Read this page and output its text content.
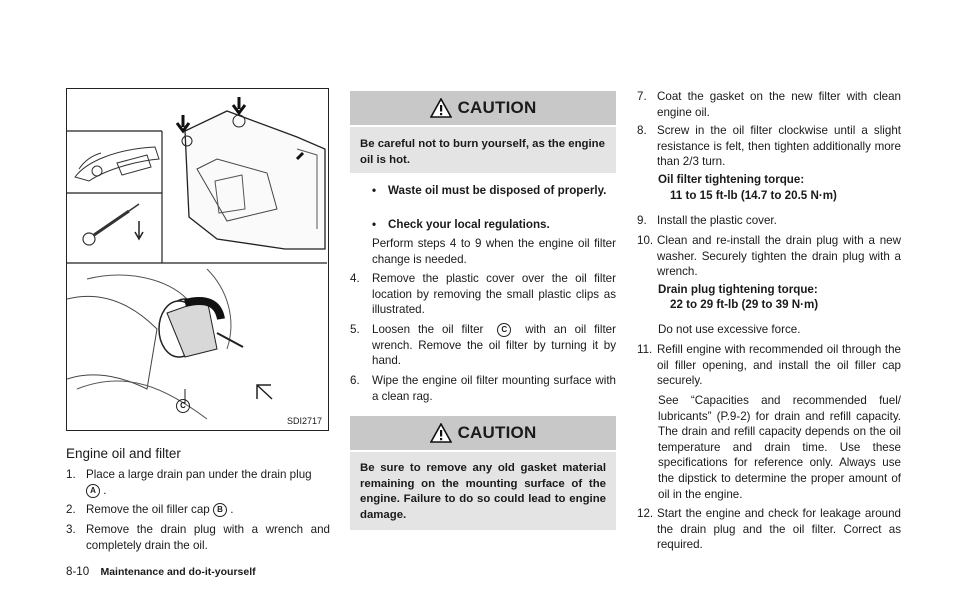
C
SDI2717
Engine oil and filter
1. Place a large drain pan under the drain plug
A .
2. Remove the oil filler cap B .
3. Remove the drain plug with a wrench and completely drain the oil.
8-10 Maintenance and do-it-yourself
CAUTION
Be careful not to burn yourself, as the engine oil is hot.
• Waste oil must be disposed of properly.
• Check your local regulations.
Perform steps 4 to 9 when the engine oil filter change is needed.
4. Remove the plastic cover over the oil filter location by removing the small plastic clips as illustrated.
5. Loosen the oil filter C with an oil filter wrench. Remove the oil filter by turning it by hand.
6. Wipe the engine oil filter mounting surface with a clean rag.
CAUTION
Be sure to remove any old gasket material remaining on the mounting surface of the engine. Failure to do so could lead to engine damage.
7. Coat the gasket on the new filter with clean engine oil.
8. Screw in the oil filter clockwise until a slight resistance is felt, then tighten additionally more than 2/3 turn.
Oil filter tightening torque:
11 to 15 ft-lb (14.7 to 20.5 N·m)
9. Install the plastic cover.
10. Clean and re-install the drain plug with a new washer. Securely tighten the drain plug with a wrench.
Drain plug tightening torque:
22 to 29 ft-lb (29 to 39 N·m)
Do not use excessive force.
11. Refill engine with recommended oil through the oil filler opening, and install the oil filler cap securely.
See “Capacities and recommended fuel/ lubricants” (P.9-2) for drain and refill capacity. The drain and refill capacity depends on the oil temperature and drain time. Use these specifications for reference only. Always use the dipstick to determine the proper amount of oil in the engine.
12. Start the engine and check for leakage around the drain plug and the oil filter. Correct as required.
